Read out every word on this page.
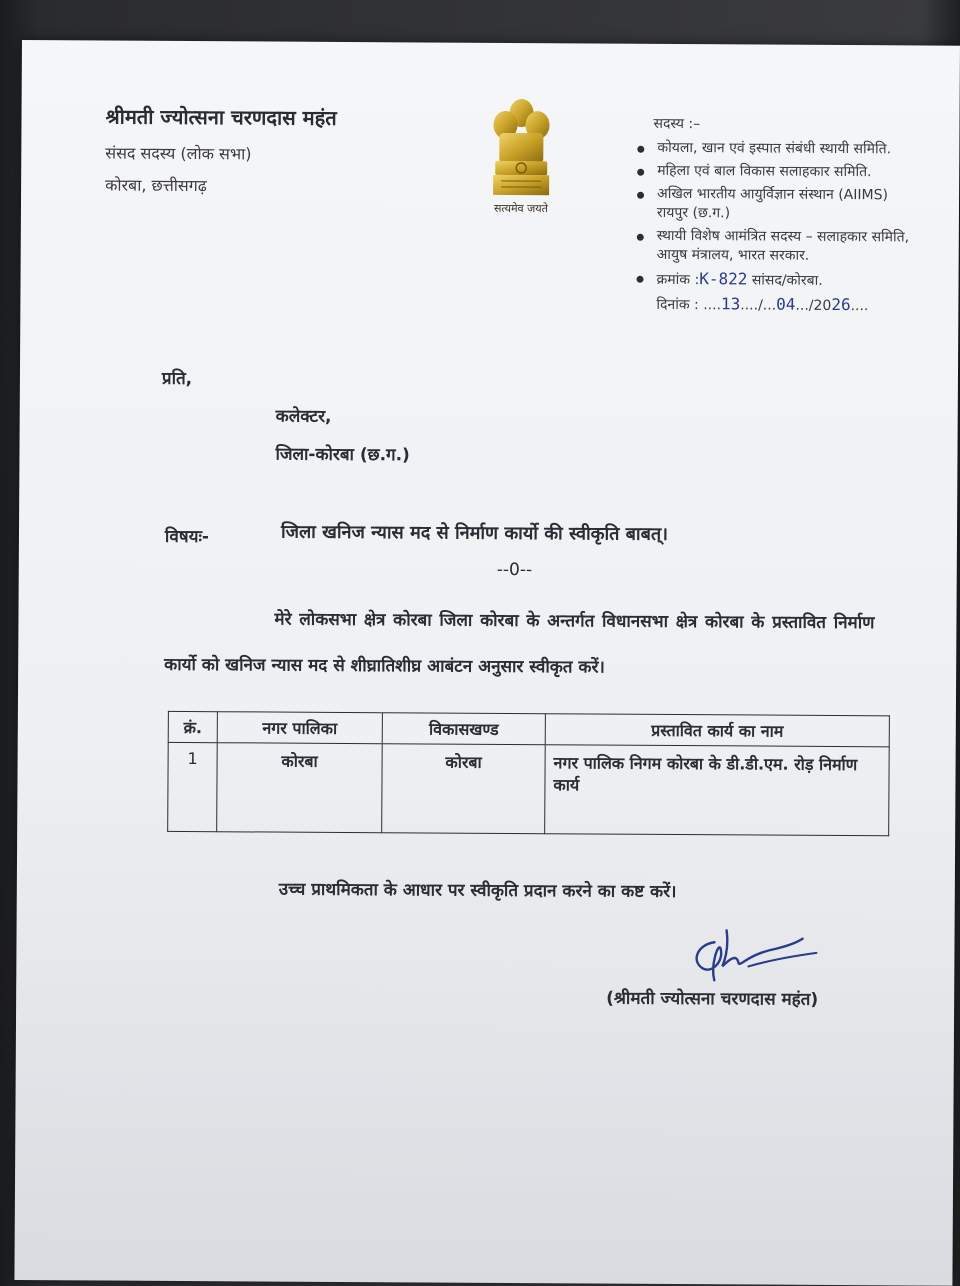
श्रीमती ज्योत्सना चरणदास महंत
संसद सदस्य (लोक सभा)
कोरबा, छत्तीसगढ़
सत्यमेव जयते
सदस्य :–
कोयला, खान एवं इस्पात संबंधी स्थायी समिति.
महिला एवं बाल विकास सलाहकार समिति.
अखिल भारतीय आयुर्विज्ञान संस्थान (AIIMS)
रायपुर (छ.ग.)
स्थायी विशेष आमंत्रित सदस्य – सलाहकार समिति,
आयुष मंत्रालय, भारत सरकार.
क्रमांक :K-822 सांसद/कोरबा.
दिनांक : ....13..../...04.../2026....
प्रति,
कलेक्टर,
जिला-कोरबा (छ.ग.)
विषयः-	जिला खनिज न्यास मद से निर्माण कार्यो की स्वीकृति बाबत्।
--0--
मेरे लोकसभा क्षेत्र कोरबा जिला कोरबा के अन्तर्गत विधानसभा क्षेत्र कोरबा के प्रस्तावित निर्माण कार्यो को खनिज न्यास मद से शीघ्रातिशीघ्र आबंटन अनुसार स्वीकृत करें।
क्रं.	नगर पालिका	विकासखण्ड	प्रस्तावित कार्य का नाम
1	कोरबा	कोरबा	नगर पालिक निगम कोरबा के डी.डी.एम. रोड़ निर्माण कार्य
उच्च प्राथमिकता के आधार पर स्वीकृति प्रदान करने का कष्ट करें।
(श्रीमती ज्योत्सना चरणदास महंत)
